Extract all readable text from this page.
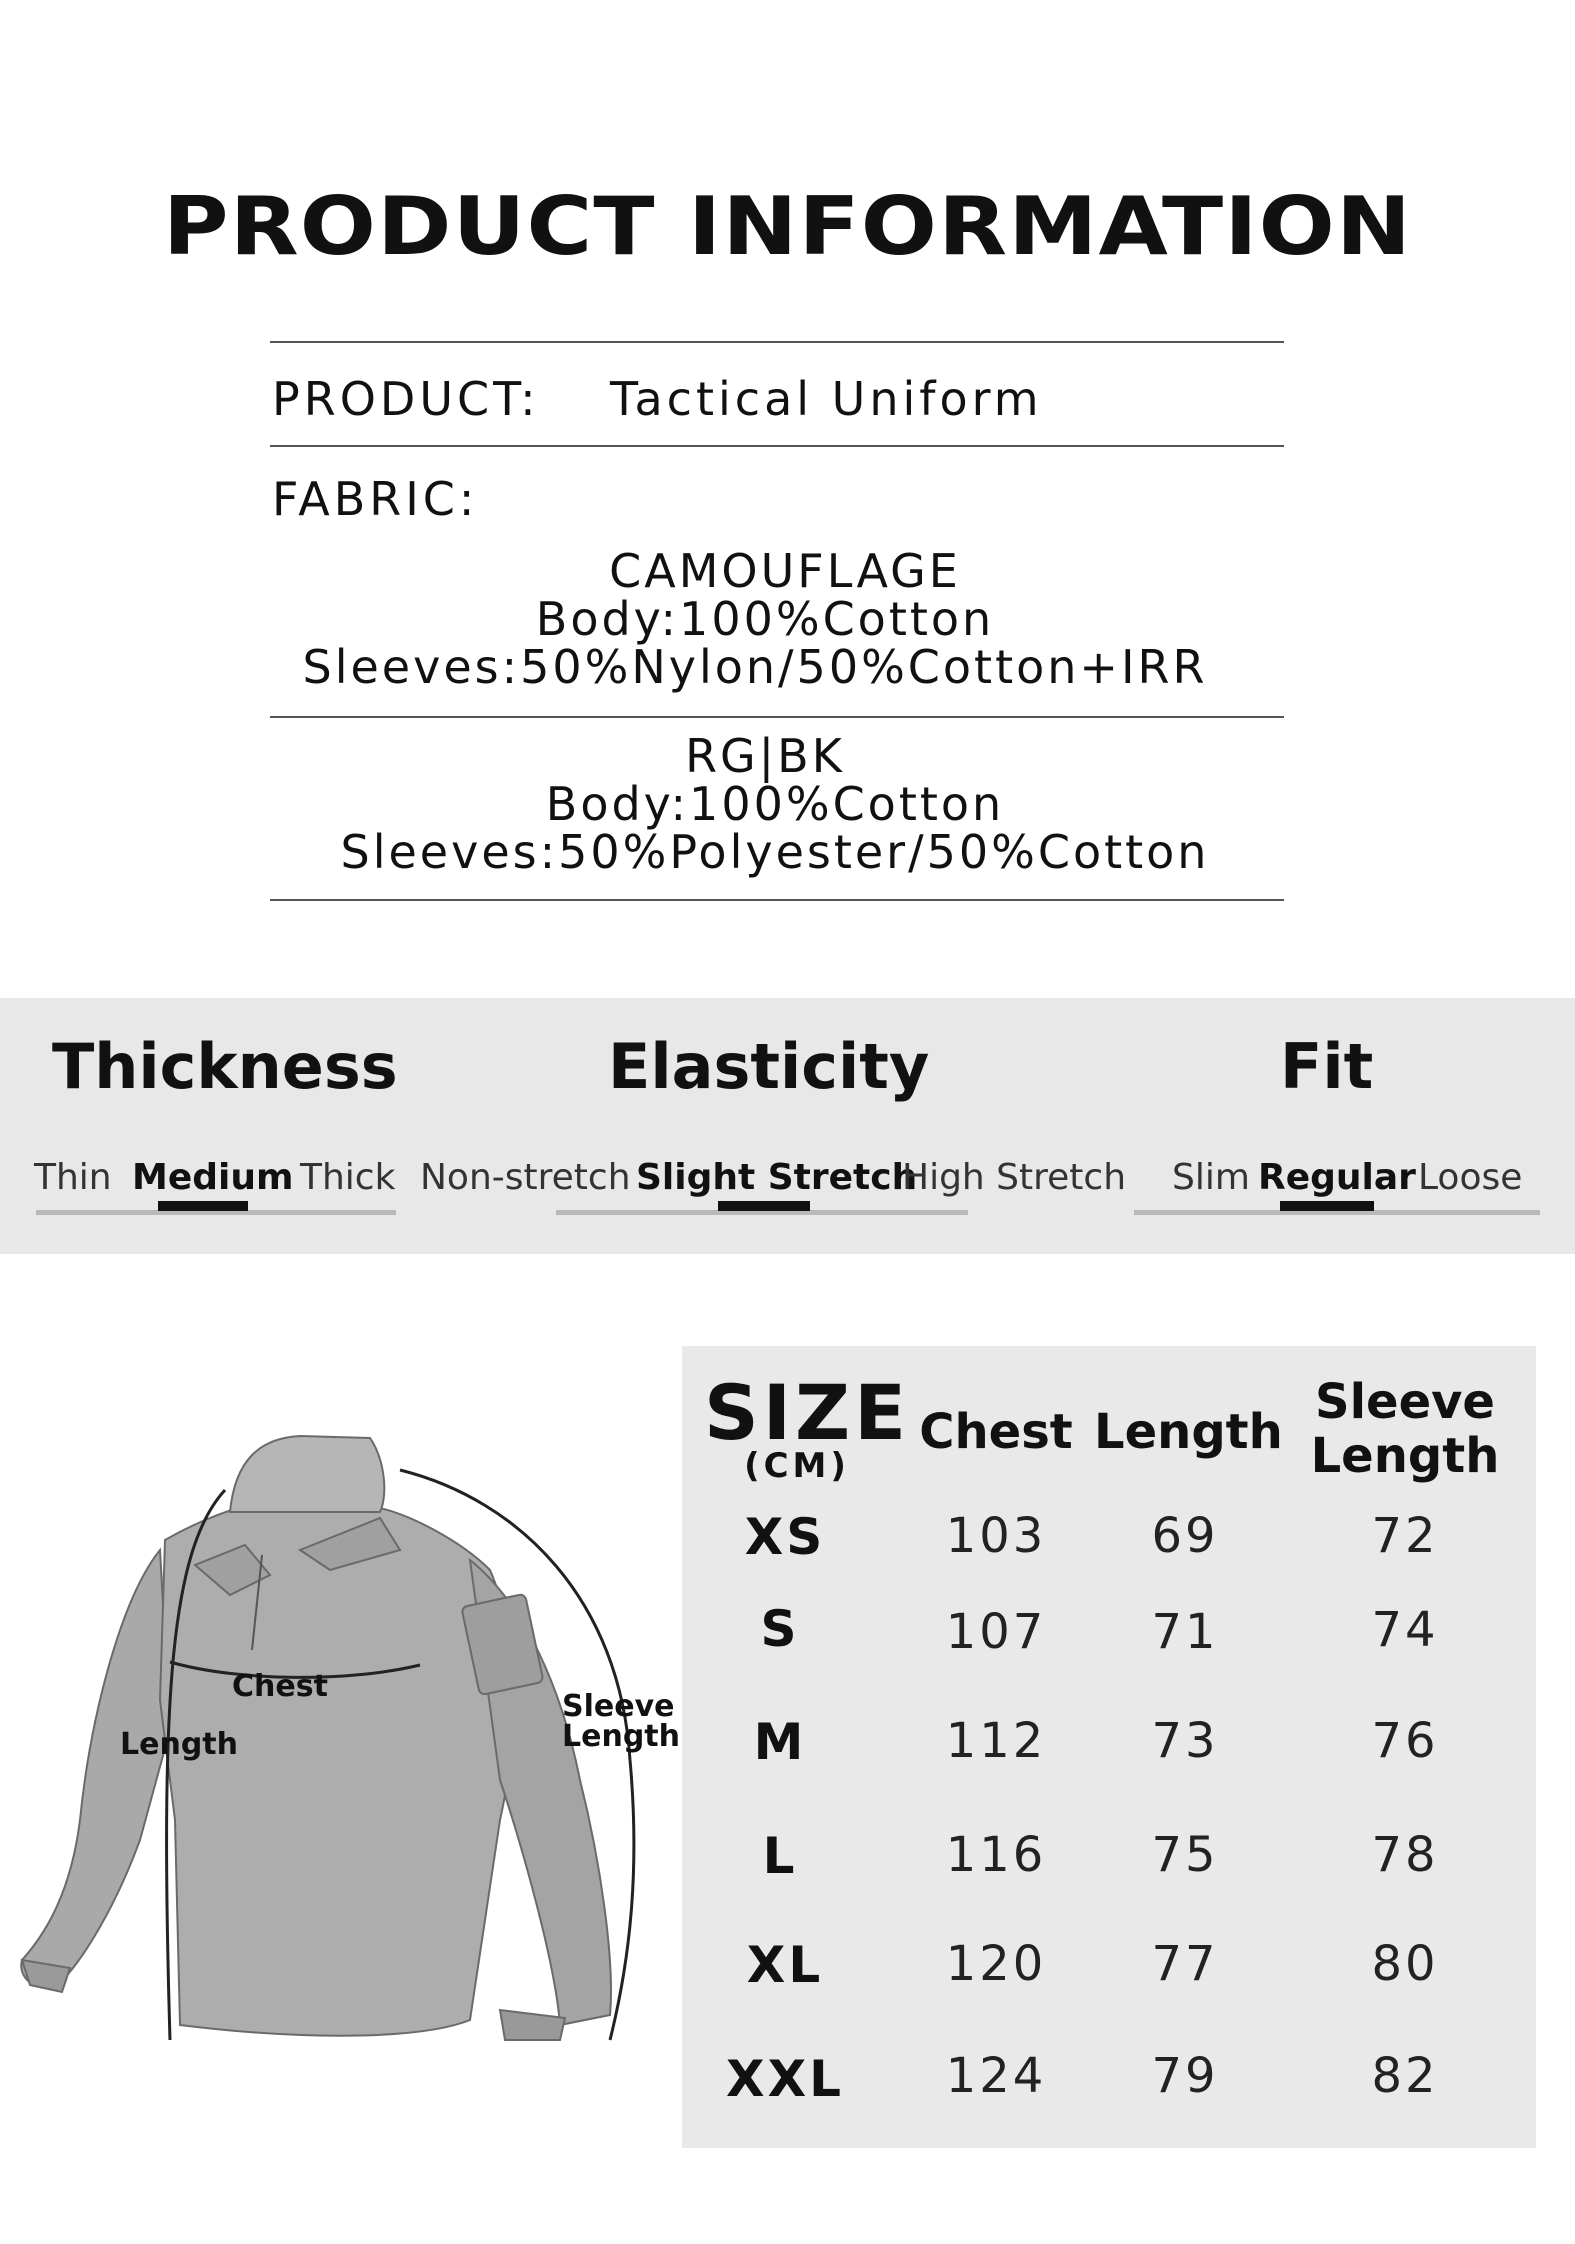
PRODUCT INFORMATION
PRODUCT: Tactical Uniform
FABRIC:
CAMOUFLAGE
Body:100%Cotton
Sleeves:50%Nylon/50%Cotton+IRR
RG|BK
Body:100%Cotton
Sleeves:50%Polyester/50%Cotton
Thickness	Elasticity	Fit
Thin Medium Thick Non-stretch Slight Stretch
High Stretch Slim Regular Loose
Chest
Length
Sleeve
Length
SIZE
(CM)
Chest Length
Sleeve
Length
XS	103	69	72
S	107	71	74
M	112	73	76
L	116	75	78
XL	120	77	80
XXL	124	79	82
